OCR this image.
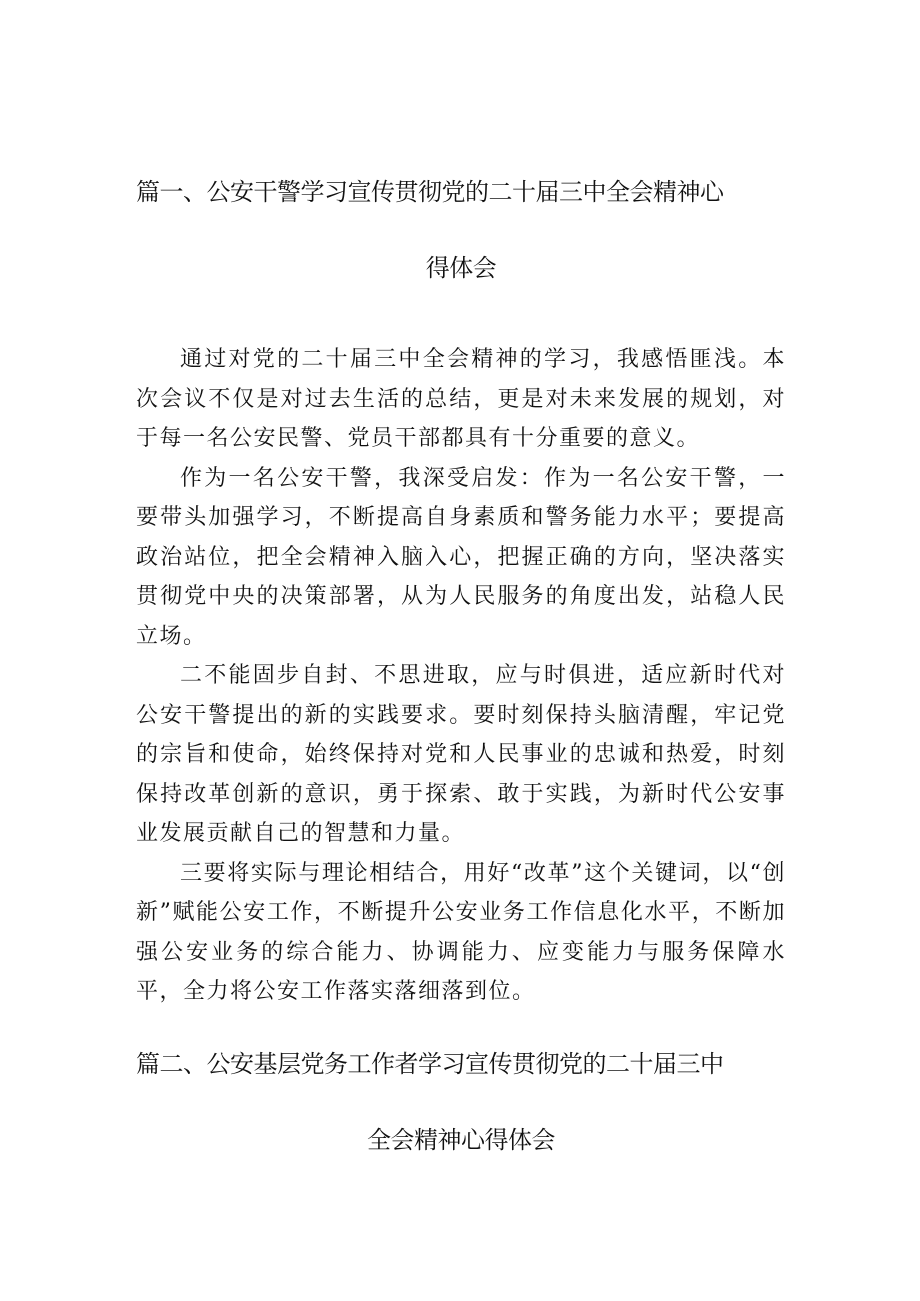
篇一、公安干警学习宣传贯彻党的二十届三中全会精神心
得体会

通过对党的二十届三中全会精神的学习，我感悟匪浅。本次会议不仅是对过去生活的总结，更是对未来发展的规划，对于每一名公安民警、党员干部都具有十分重要的意义。

作为一名公安干警，我深受启发：作为一名公安干警，一要带头加强学习，不断提高自身素质和警务能力水平；要提高政治站位，把全会精神入脑入心，把握正确的方向，坚决落实贯彻党中央的决策部署，从为人民服务的角度出发，站稳人民立场。

二不能固步自封、不思进取，应与时俱进，适应新时代对公安干警提出的新的实践要求。要时刻保持头脑清醒，牢记党的宗旨和使命，始终保持对党和人民事业的忠诚和热爱，时刻保持改革创新的意识，勇于探索、敢于实践，为新时代公安事业发展贡献自己的智慧和力量。

三要将实际与理论相结合，用好“改革”这个关键词，以“创新”赋能公安工作，不断提升公安业务工作信息化水平，不断加强公安业务的综合能力、协调能力、应变能力与服务保障水平，全力将公安工作落实落细落到位。

篇二、公安基层党务工作者学习宣传贯彻党的二十届三中
全会精神心得体会
